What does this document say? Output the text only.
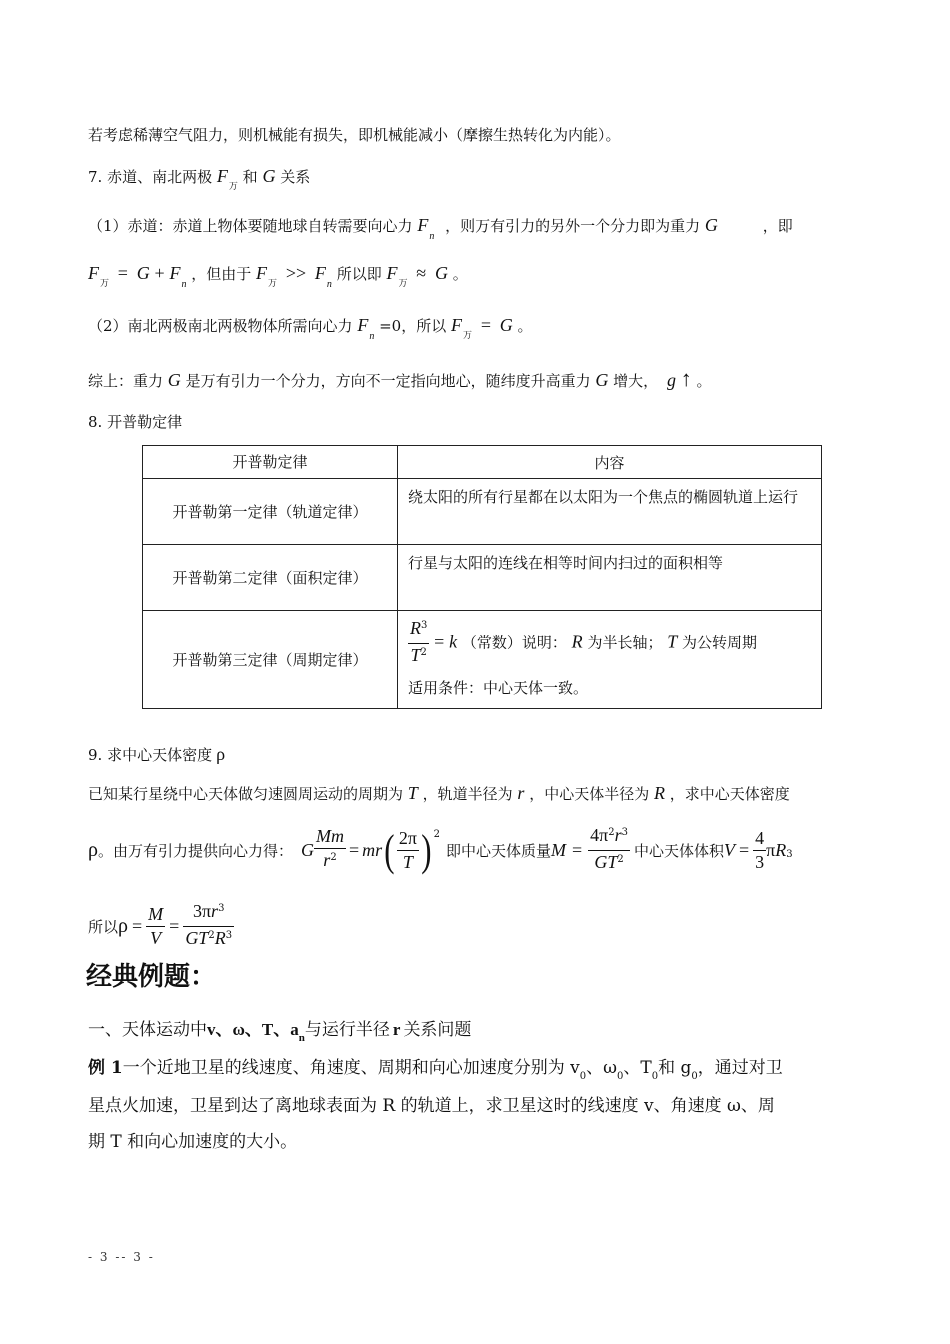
若考虑稀薄空气阻力，则机械能有损失，即机械能减小（摩擦生热转化为内能）。
7. 赤道、南北两极 $F_万$ 和 G 关系
（1）赤道：赤道上物体要随地球自转需要向心力 $F_n$ ，则万有引力的另外一个分力即为重力 G	，即
$F_万 = G + F_n$ ，但由于 $F_万 >> F_n$ 所以即 $F_万 \approx G$ 。
（2）南北两极南北两极物体所需向心力 $F_n =0$，所以 $F_万 = G$ 。
综上：重力 G 是万有引力一个分力，方向不一定指向地心，随纬度升高重力 G 增大， g ↑ 。
8. 开普勒定律
开普勒定律	内容
开普勒第一定律（轨道定律）	绕太阳的所有行星都在以太阳为一个焦点的椭圆轨道上运行
开普勒第二定律（面积定律）	行星与太阳的连线在相等时间内扫过的面积相等
开普勒第三定律（周期定律）	$\frac{R^3}{T^2} = k$ （常数）说明： R 为半长轴； T 为公转周期
适用条件：中心天体一致。
9. 求中心天体密度 ρ
已知某行星绕中心天体做匀速圆周运动的周期为 T ，轨道半径为 r ，中心天体半径为 R ，求中心天体密度
ρ 。由万有引力提供向心力得： G $\frac{Mm}{r^2}$ = mr ( $\frac{2\pi}{T}$ ) 2
即中心天体质量 $M = \frac{4\pi^2r^3}{GT^2}$ 中心天体体积 $V = \frac{4}{3}$ π R 3
所以 $\rho = \frac{M}{V} = \frac{3\pi r^3}{GT^2R^3}$
经典例题：
一、天体运动中v、ω、T、$a_n$与运行半径 r 关系问题
例 1一个近地卫星的线速度、角速度、周期和向心加速度分别为 $v_0$、$\omega_0$、$T_0$和 $g_0$，通过对卫
星点火加速，卫星到达了离地球表面为 R 的轨道上，求卫星这时的线速度 v、角速度 ω、周
期 T 和向心加速度的大小。
- 3 -- 3 -
